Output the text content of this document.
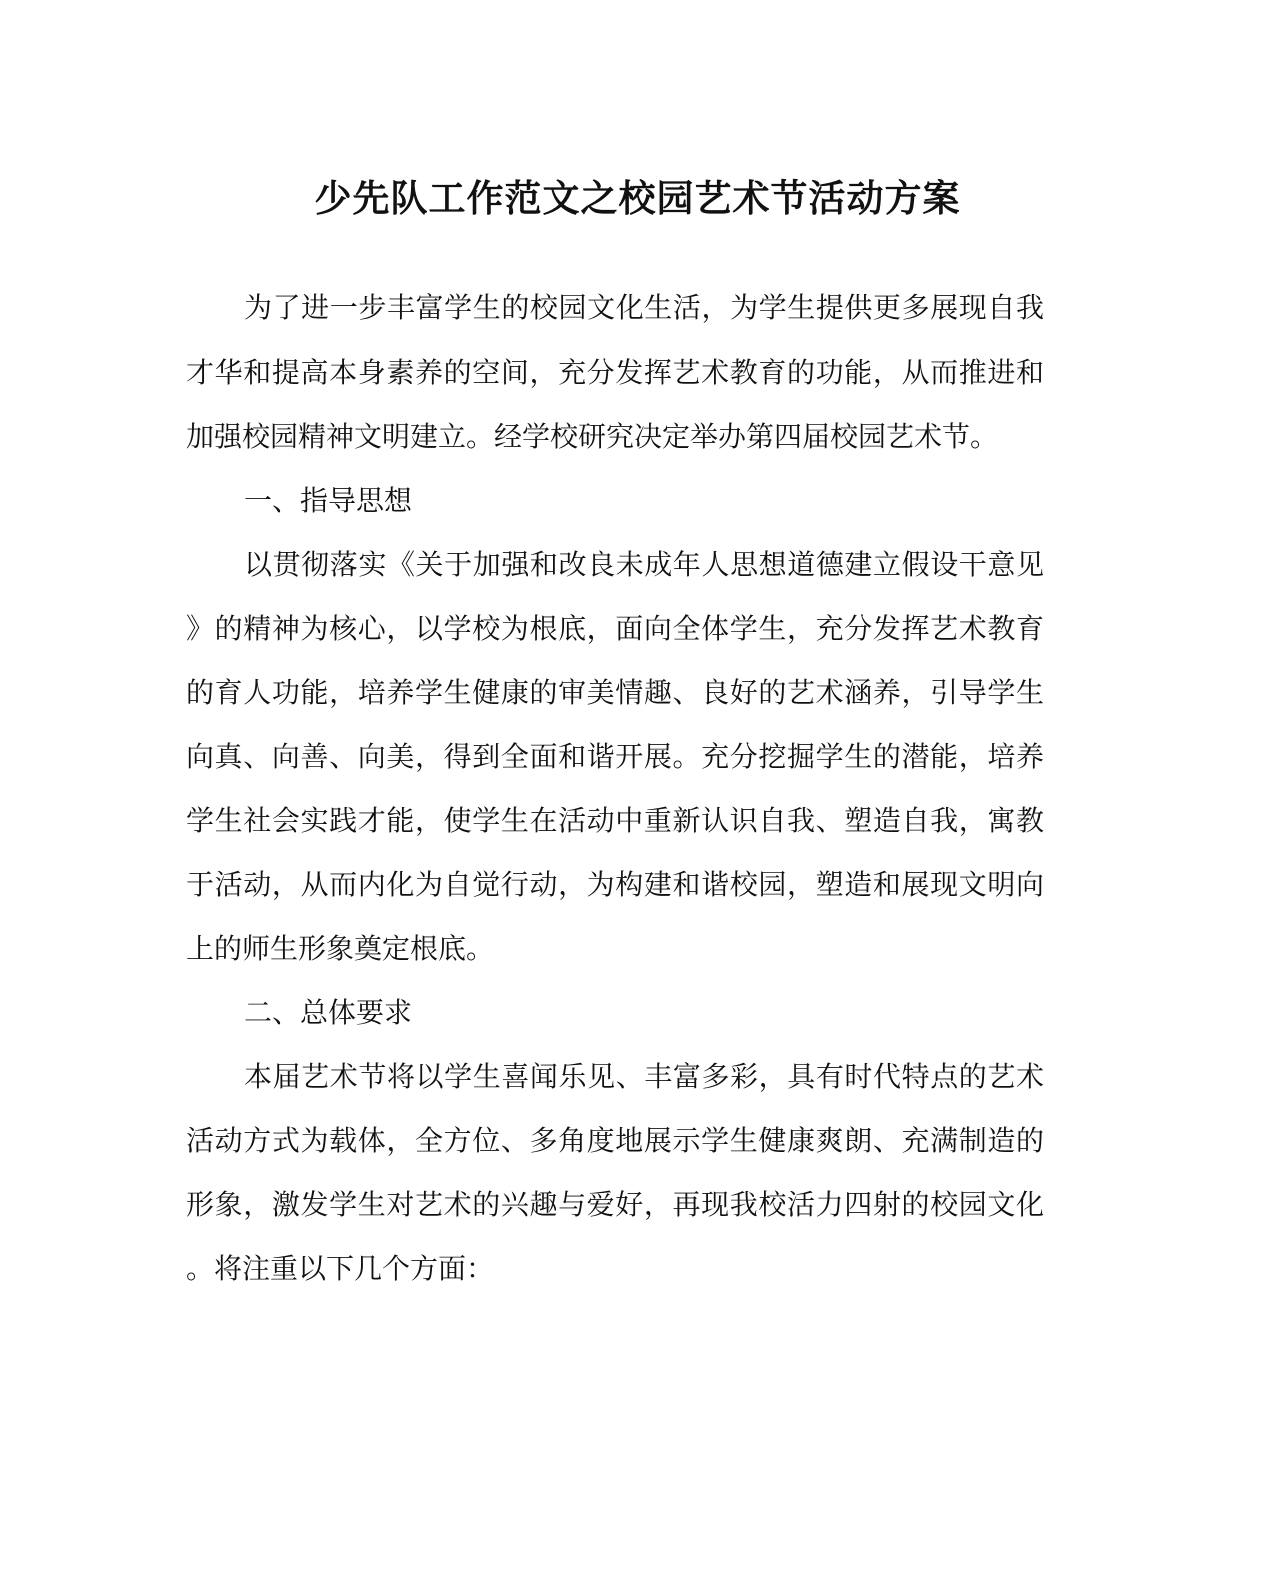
少先队工作范文之校园艺术节活动方案

为了进一步丰富学生的校园文化生活，为学生提供更多展现自我

才华和提高本身素养的空间，充分发挥艺术教育的功能，从而推进和

加强校园精神文明建立。经学校研究决定举办第四届校园艺术节。

一、指导思想

以贯彻落实《关于加强和改良未成年人思想道德建立假设干意见

》的精神为核心，以学校为根底，面向全体学生，充分发挥艺术教育

的育人功能，培养学生健康的审美情趣、良好的艺术涵养，引导学生

向真、向善、向美，得到全面和谐开展。充分挖掘学生的潜能，培养

学生社会实践才能，使学生在活动中重新认识自我、塑造自我，寓教

于活动，从而内化为自觉行动，为构建和谐校园，塑造和展现文明向

上的师生形象奠定根底。

二、总体要求

本届艺术节将以学生喜闻乐见、丰富多彩，具有时代特点的艺术

活动方式为载体，全方位、多角度地展示学生健康爽朗、充满制造的

形象，激发学生对艺术的兴趣与爱好，再现我校活力四射的校园文化

。将注重以下几个方面：
